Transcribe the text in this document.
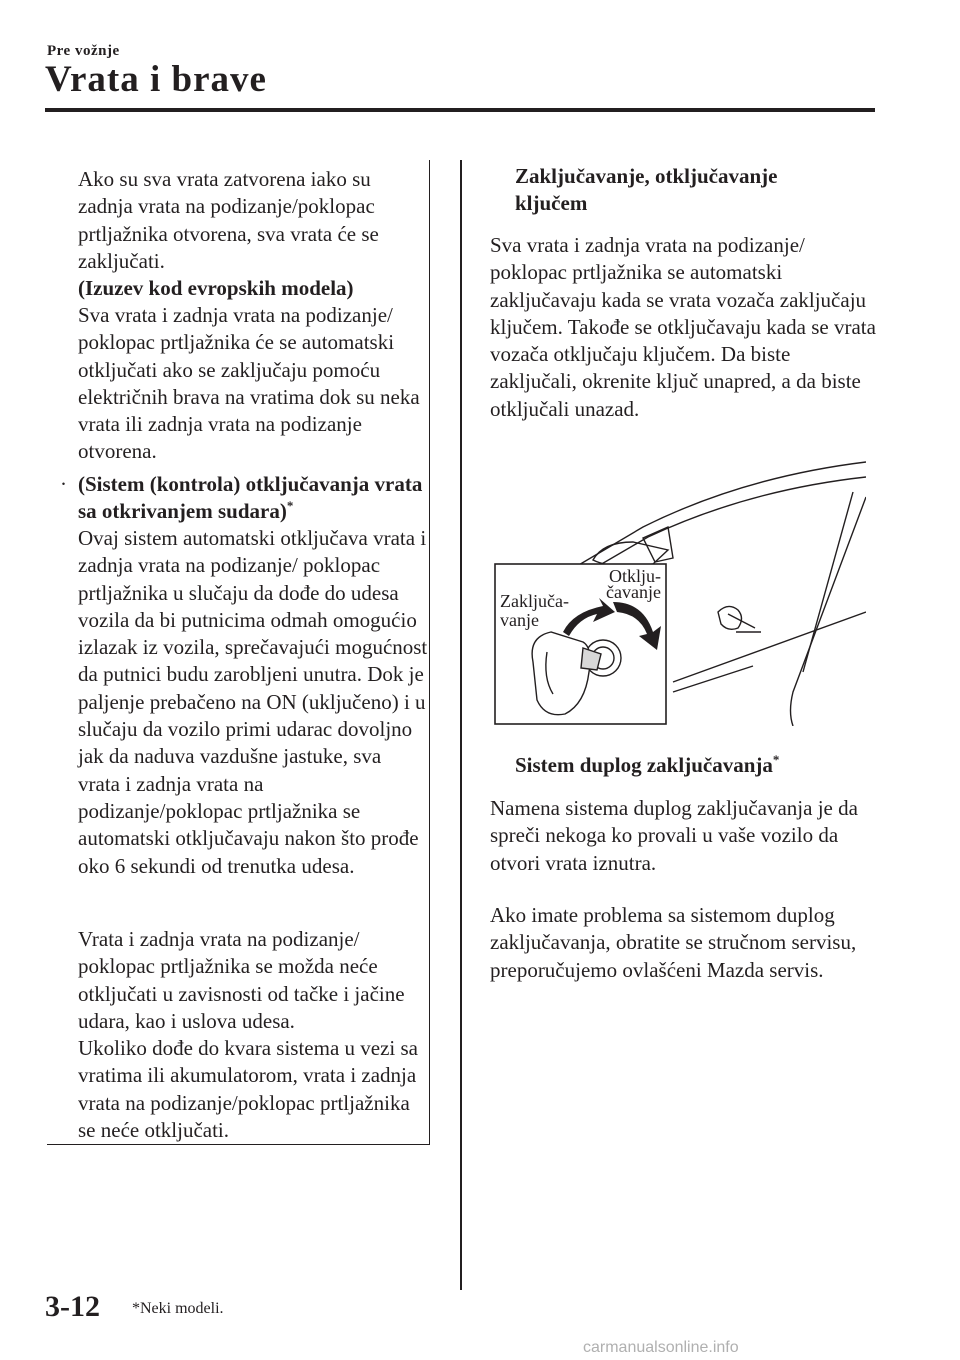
Pre vožnje
Vrata i brave
Ako su sva vrata zatvorena iako su zadnja vrata na podizanje/poklopac prtljažnika otvorena, sva vrata će se zaključati.
(Izuzev kod evropskih modela)
Sva vrata i zadnja vrata na podizanje/ poklopac prtljažnika će se automatski otključati ako se zaključaju pomoću električnih brava na vratima dok su neka vrata ili zadnja vrata na podizanje otvorena.
· (Sistem (kontrola) otključavanja vrata sa otkrivanjem sudara)*
Ovaj sistem automatski otključava vrata i zadnja vrata na podizanje/ poklopac prtljažnika u slučaju da dođe do udesa vozila da bi putnicima odmah omogućio izlazak iz vozila, sprečavajući mogućnost da putnici budu zarobljeni unutra. Dok je paljenje prebačeno na ON (uključeno) i u slučaju da vozilo primi udarac dovoljno jak da naduva vazdušne jastuke, sva vrata i zadnja vrata na podizanje/poklopac prtljažnika se automatski otključavaju nakon što prođe oko 6 sekundi od trenutka udesa.
Vrata i zadnja vrata na podizanje/ poklopac prtljažnika se možda neće otključati u zavisnosti od tačke i jačine udara, kao i uslova udesa.
Ukoliko dođe do kvara sistema u vezi sa vratima ili akumulatorom, vrata i zadnja vrata na podizanje/poklopac prtljažnika se neće otključati.
Zaključavanje, otključavanje ključem
Sva vrata i zadnja vrata na podizanje/ poklopac prtljažnika se automatski zaključavaju kada se vrata vozača zaključaju ključem. Takođe se otključavaju kada se vrata vozača otključaju ključem. Da biste zaključali, okrenite ključ unapred, a da biste otključali unazad.
Zaključa-
vanje
Otklju-
čavanje
Sistem duplog zaključavanja*
Namena sistema duplog zaključavanja je da spreči nekoga ko provali u vaše vozilo da otvori vrata iznutra.
Ako imate problema sa sistemom duplog zaključavanja, obratite se stručnom servisu, preporučujemo ovlašćeni Mazda servis.
3-12 *Neki modeli.
carmanualsonline.info
